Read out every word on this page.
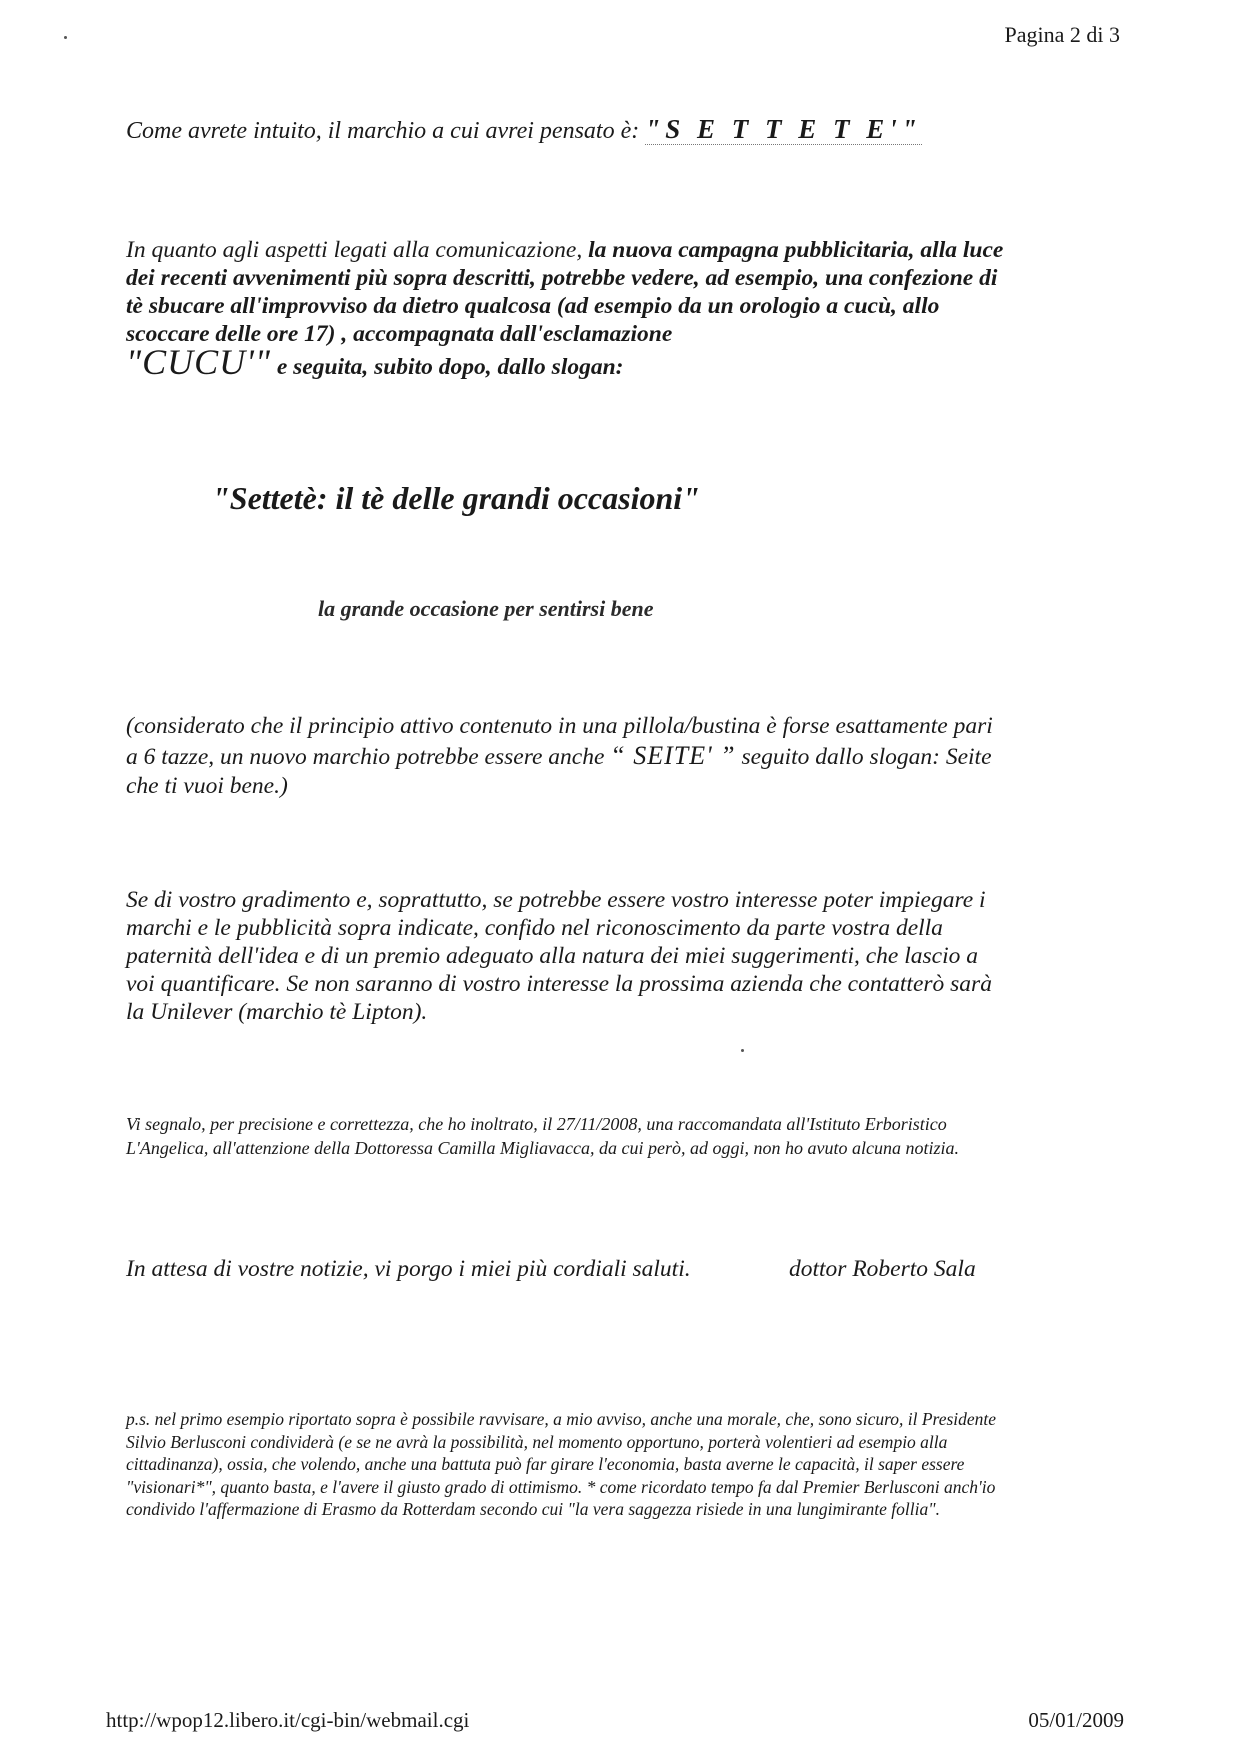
Pagina 2 di 3
Come avrete intuito, il marchio a cui avrei pensato è: "S E T T E T E'"
In quanto agli aspetti legati alla comunicazione, la nuova campagna pubblicitaria, alla luce dei recenti avvenimenti più sopra descritti, potrebbe vedere, ad esempio, una confezione di tè sbucare all'improvviso da dietro qualcosa (ad esempio da un orologio a cucù, allo scoccare delle ore 17) , accompagnata dall'esclamazione
"CUCU'" e seguita, subito dopo, dallo slogan:
"Settetè: il tè delle grandi occasioni"
la grande occasione per sentirsi bene
(considerato che il principio attivo contenuto in una pillola/bustina è forse esattamente pari a 6 tazze, un nuovo marchio potrebbe essere anche “ SEITE' ” seguito dallo slogan: Seite che ti vuoi bene.)
Se di vostro gradimento e, soprattutto, se potrebbe essere vostro interesse poter impiegare i marchi e le pubblicità sopra indicate, confido nel riconoscimento da parte vostra della paternità dell'idea e di un premio adeguato alla natura dei miei suggerimenti, che lascio a voi quantificare. Se non saranno di vostro interesse la prossima azienda che contatterò sarà la Unilever (marchio tè Lipton).
Vi segnalo, per precisione e correttezza, che ho inoltrato, il 27/11/2008, una raccomandata all'Istituto Erboristico L'Angelica, all'attenzione della Dottoressa Camilla Migliavacca, da cui però, ad oggi, non ho avuto alcuna notizia.
In attesa di vostre notizie, vi porgo i miei più cordiali saluti.	dottor Roberto Sala
p.s. nel primo esempio riportato sopra è possibile ravvisare, a mio avviso, anche una morale, che, sono sicuro, il Presidente Silvio Berlusconi condividerà (e se ne avrà la possibilità, nel momento opportuno, porterà volentieri ad esempio alla cittadinanza), ossia, che volendo, anche una battuta può far girare l'economia, basta averne le capacità, il saper essere "visionari*", quanto basta, e l'avere il giusto grado di ottimismo. * come ricordato tempo fa dal Premier Berlusconi anch'io condivido l'affermazione di Erasmo da Rotterdam secondo cui "la vera saggezza risiede in una lungimirante follia".
http://wpop12.libero.it/cgi-bin/webmail.cgi	05/01/2009
